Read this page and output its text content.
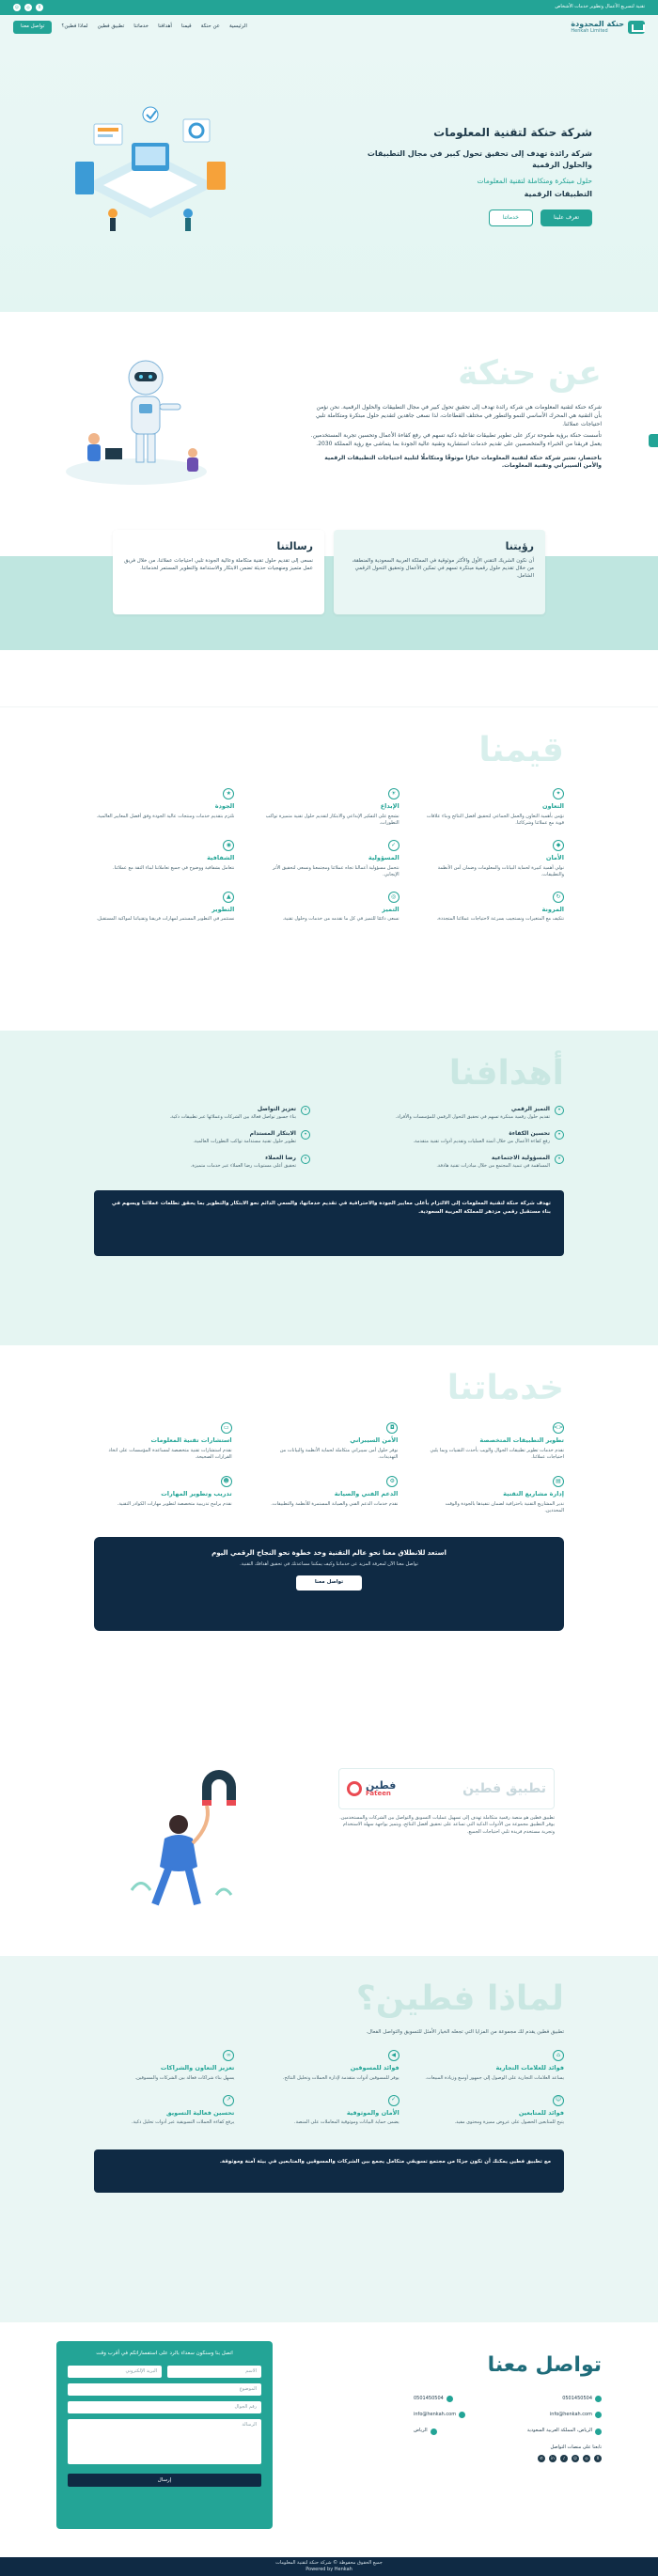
تقنية لتسريع الأعمال وتطوير خدمات الأشخاص
X
◎
☺
حنكة المحدودة
Henkah Limited
الرئيسية
عن حنكة
قيمنا
أهدافنا
خدماتنا
تطبيق فطين
لماذا فطين؟
تواصل معنا
شركة حنكة لتقنية المعلومات
شركة رائدة تهدف إلى تحقيق تحول كبير في مجال التطبيقات والحلول الرقمية
حلول مبتكرة ومتكاملة لتقنية المعلومات
التطبيقات الرقمية
تعرف علينا
خدماتنا
عن حنكة

شركة حنكة لتقنية المعلومات هي شركة رائدة تهدف إلى تحقيق تحول كبير في مجال التطبيقات والحلول الرقمية. نحن نؤمن بأن التقنية هي المحرك الأساسي للنمو والتطور في مختلف القطاعات، لذا نسعى جاهدين لتقديم حلول مبتكرة ومتكاملة تلبي احتياجات عملائنا.

تأسست حنكة برؤية طموحة تركز على تطوير تطبيقات تفاعلية ذكية تسهم في رفع كفاءة الأعمال وتحسين تجربة المستخدمين. يعمل فريقنا من الخبراء والمتخصصين على تقديم خدمات استشارية وتقنية عالية الجودة بما يتماشى مع رؤية المملكة 2030.

باختصار، تعتبر شركة حنكة لتقنية المعلومات خيارًا موثوقًا ومتكاملًا لتلبية احتياجات التطبيقات الرقمية والأمن السيبراني وتقنية المعلومات.

رؤيتنا

أن نكون الشريك التقني الأول والأكثر موثوقية في المملكة العربية السعودية والمنطقة، من خلال تقديم حلول رقمية مبتكرة تسهم في تمكين الأعمال وتحقيق التحول الرقمي الشامل.

رسالتنا

نسعى إلى تقديم حلول تقنية متكاملة وعالية الجودة تلبي احتياجات عملائنا، من خلال فريق عمل متميز ومنهجيات حديثة تضمن الابتكار والاستدامة والتطوير المستمر لخدماتنا.

قيمنا
✦
التعاون

نؤمن بأهمية التعاون والعمل الجماعي لتحقيق أفضل النتائج وبناء علاقات قوية مع عملائنا وشركائنا.

☀
الإبداع

نشجع على التفكير الإبداعي والابتكار لتقديم حلول تقنية متميزة تواكب التطورات.

★
الجودة

نلتزم بتقديم خدمات ومنتجات عالية الجودة وفق أفضل المعايير العالمية.

◆
الأمان

نولي أهمية كبيرة لحماية البيانات والمعلومات وضمان أمن الأنظمة والتطبيقات.

✓
المسؤولية

نتحمل مسؤولية أعمالنا تجاه عملائنا ومجتمعنا ونسعى لتحقيق الأثر الإيجابي.

◉
الشفافية

نتعامل بشفافية ووضوح في جميع تعاملاتنا لبناء الثقة مع عملائنا.

↻
المرونة

نتكيف مع المتغيرات ونستجيب بسرعة لاحتياجات عملائنا المتجددة.

◎
التميز

نسعى دائمًا للتميز في كل ما نقدمه من خدمات وحلول تقنية.

▲
التطوير

نستثمر في التطوير المستمر لمهارات فريقنا وتقنياتنا لمواكبة المستقبل.

أهدافنا
•
التميز الرقمي

تقديم حلول رقمية مبتكرة تسهم في تحقيق التحول الرقمي للمؤسسات والأفراد.

•
تعزيز التواصل

بناء جسور تواصل فعالة بين الشركات وعملائها عبر تطبيقات ذكية.

•
تحسين الكفاءة

رفع كفاءة الأعمال من خلال أتمتة العمليات وتقديم أدوات تقنية متقدمة.

•
الابتكار المستدام

تطوير حلول تقنية مستدامة تواكب التطورات العالمية.

•
المسؤولية الاجتماعية

المساهمة في تنمية المجتمع من خلال مبادرات تقنية هادفة.

•
رضا العملاء

تحقيق أعلى مستويات رضا العملاء عبر خدمات متميزة.

تهدف شركة حنكة لتقنية المعلومات إلى الالتزام بأعلى معايير الجودة والاحترافية في تقديم خدماتها، والسعي الدائم نحو الابتكار والتطوير بما يحقق تطلعات عملائنا ويسهم في بناء مستقبل رقمي مزدهر للمملكة العربية السعودية.
خدماتنا
<>
تطوير التطبيقات المتخصصة

نقدم خدمات تطوير تطبيقات الجوال والويب بأحدث التقنيات وبما يلبي احتياجات عملائنا.

◘
الأمن السيبراني

نوفر حلول أمن سيبراني متكاملة لحماية الأنظمة والبيانات من التهديدات.

▭
استشارات تقنية المعلومات

نقدم استشارات تقنية متخصصة لمساعدة المؤسسات على اتخاذ القرارات الصحيحة.

▤
إدارة مشاريع التقنية

ندير المشاريع التقنية باحترافية لضمان تنفيذها بالجودة والوقت المحددين.

⚙
الدعم الفني والصيانة

نقدم خدمات الدعم الفني والصيانة المستمرة للأنظمة والتطبيقات.

☻
تدريب وتطوير المهارات

نقدم برامج تدريبية متخصصة لتطوير مهارات الكوادر التقنية.

استعد للانطلاق معنا نحو عالم التقنية وخذ خطوة نحو النجاح الرقمي اليوم

تواصل معنا الآن لمعرفة المزيد عن خدماتنا وكيف يمكننا مساعدتك في تحقيق أهدافك التقنية.

تواصل معنا
تطبيق فطين
فطين
Fateen

تطبيق فطين هو منصة رقمية متكاملة تهدف إلى تسهيل عمليات التسويق والتواصل بين الشركات والمستخدمين. يوفر التطبيق مجموعة من الأدوات الذكية التي تساعد على تحقيق أفضل النتائج، ويتميز بواجهة سهلة الاستخدام وتجربة مستخدم فريدة تلبي احتياجات الجميع.

لماذا فطين؟
تطبيق فطين يقدم لك مجموعة من المزايا التي تجعله الخيار الأمثل للتسويق والتواصل الفعال.
⌂
فوائد للعلامات التجارية

يساعد العلامات التجارية على الوصول إلى جمهور أوسع وزيادة المبيعات.

◀
فوائد للمسوقين

يوفر للمسوقين أدوات متقدمة لإدارة الحملات وتحليل النتائج.

∞
تعزيز التعاون والشراكات

يسهل بناء شراكات فعالة بين الشركات والمسوقين.

☺
فوائد للمتابعين

يتيح للمتابعين الحصول على عروض مميزة ومحتوى مفيد.

✓
الأمان والموثوقية

يضمن حماية البيانات وموثوقية المعاملات على المنصة.

↗
تحسين فعالية التسويق

يرفع كفاءة الحملات التسويقية عبر أدوات تحليل ذكية.

مع تطبيق فطين يمكنك أن تكون جزءًا من مجتمع تسويقي متكامل يجمع بين الشركات والمسوقين والمتابعين في بيئة آمنة وموثوقة.
تواصل معنا
0501450504
0501450504
info@henkah.com
info@henkah.com
الرياض، المملكة العربية السعودية
الرياض
تابعنا على منصات التواصل
X
◎
☺
♪
in
✆
اتصل بنا وسنكون سعداء بالرد على استفساراتكم في أقرب وقت
الاسم
البريد الإلكتروني
الموضوع
رقم الجوال
الرسالة
إرسال
جميع الحقوق محفوظة © شركة حنكة لتقنية المعلومات
Powered by Henkah
